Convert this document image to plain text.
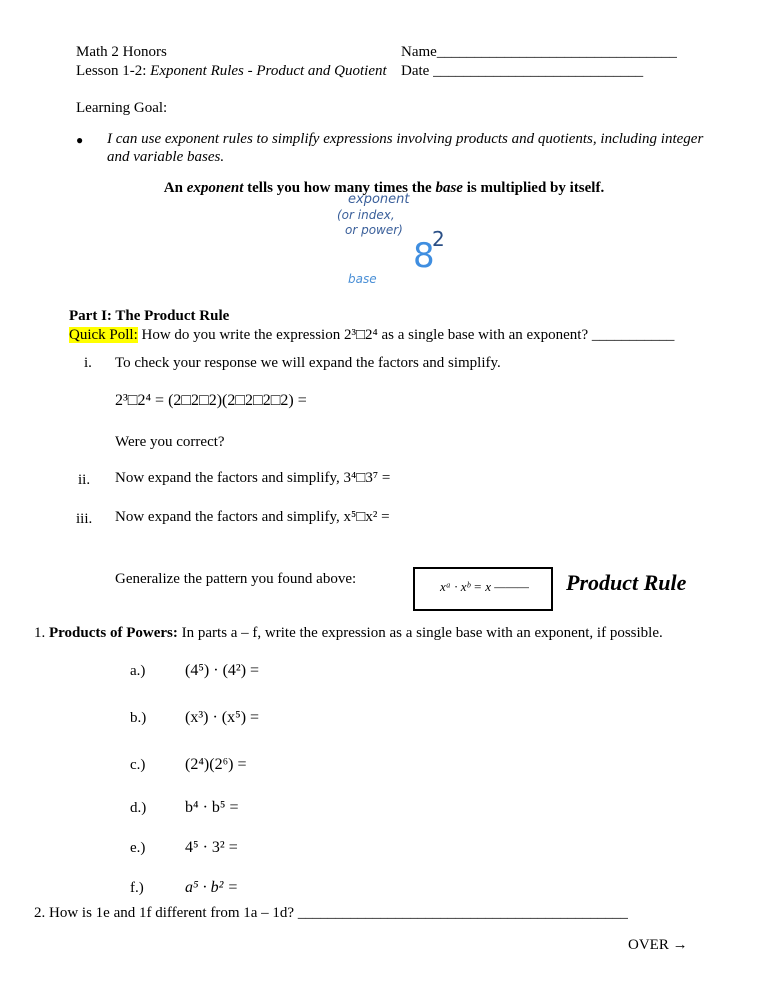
Math 2 Honors
Lesson 1-2: Exponent Rules - Product and Quotient
Name________________________________
Date ____________________________
Learning Goal:
● I can use exponent rules to simplify expressions involving products and quotients, including integer
and variable bases.
An exponent tells you how many times the base is multiplied by itself.
exponent
(or index,
or power)
8
2
base
Part I: The Product Rule
Quick Poll: How do you write the expression 2³□2⁴ as a single base with an exponent? ___________
i. To check your response we will expand the factors and simplify.
2³□2⁴ = (2□2□2)(2□2□2□2) =
Were you correct?
ii. Now expand the factors and simplify, 3⁴□3⁷ =
iii. Now expand the factors and simplify, x⁵□x² =
Generalize the pattern you found above:	xᵃ · xᵇ = x ——— Product Rule
1. Products of Powers: In parts a – f, write the expression as a single base with an exponent, if possible.
a.) (4⁵) · (4²) =
b.) (x³) · (x⁵) =
c.) (2⁴)(2⁶) =
d.) b⁴ · b⁵ =
e.) 4⁵ · 3² =
f.)	a⁵ · b² =
2. How is 1e and 1f different from 1a – 1d? ____________________________________________
OVER →
